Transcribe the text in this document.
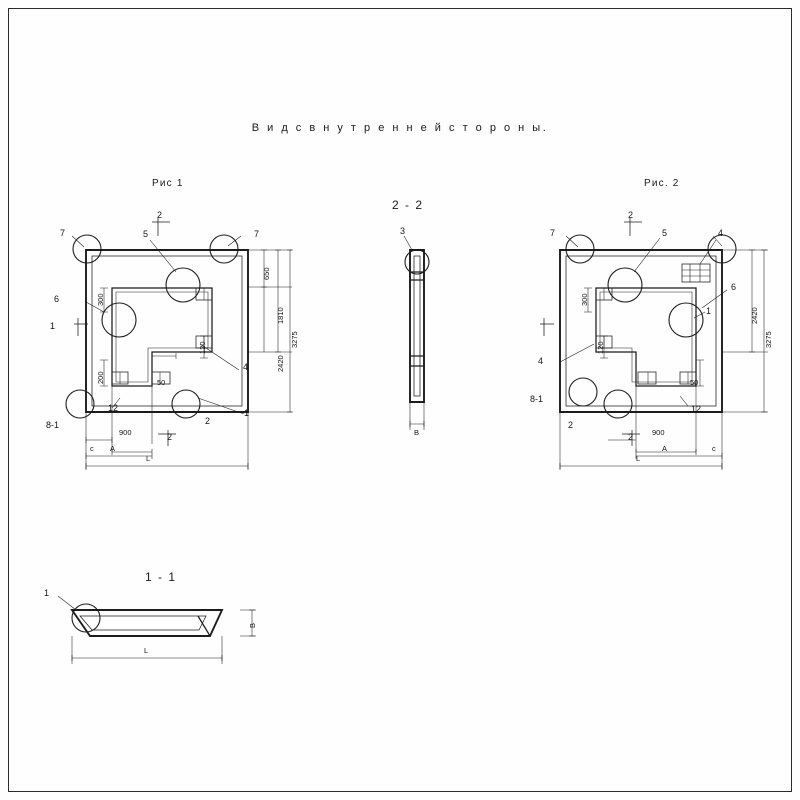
В и д с в н у т р е н н е й с т о р о н ы.
Рис 1	Рис. 2
2 - 2
1 - 1
7	5
2
7
6
1
4
12
8-1
2
2
1
650
1810
2420
3275
300
120
200	50
900
c A
L
3
B
7
2
5	4
6
1
4
8-1
2
2
12
2420
3275
300
120
50
900
c
A
L
1
B
L
